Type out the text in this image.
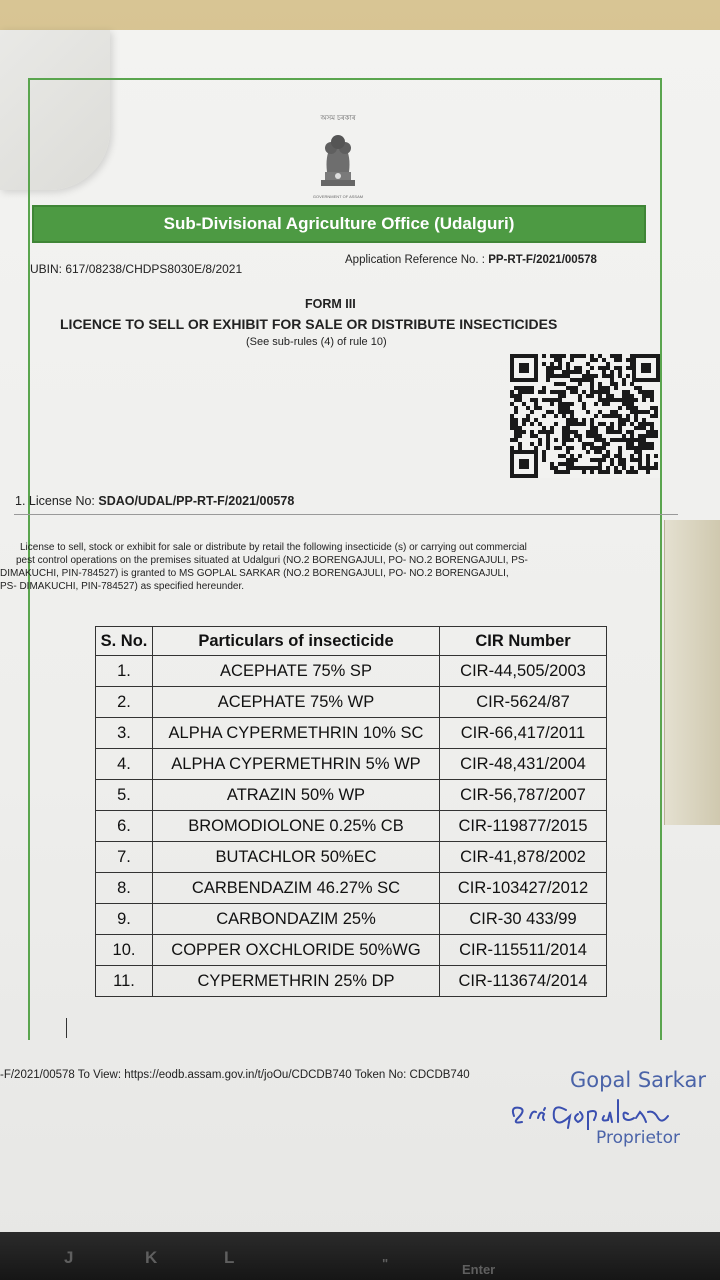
অসম চৰকাৰ
GOVERNMENT OF ASSAM
Sub-Divisional Agriculture Office (Udalguri)
UBIN: 617/08238/CHDPS8030E/8/2021
Application Reference No. : PP-RT-F/2021/00578
FORM III
LICENCE TO SELL OR EXHIBIT FOR SALE OR DISTRIBUTE INSECTICIDES
(See sub-rules (4) of rule 10)
1. License No: SDAO/UDAL/PP-RT-F/2021/00578

License to sell, stock or exhibit for sale or distribute by retail the following insecticide (s) or carrying out commercial

pest control operations on the premises situated at Udalguri (NO.2 BORENGAJULI, PO- NO.2 BORENGAJULI, PS-

DIMAKUCHI, PIN-784527) is granted to MS GOPLAL SARKAR (NO.2 BORENGAJULI, PO- NO.2 BORENGAJULI,

PS- DIMAKUCHI, PIN-784527) as specified hereunder.

S. No.	Particulars of insecticide	CIR Number
1.	ACEPHATE 75% SP	CIR-44,505/2003
2.	ACEPHATE 75% WP	CIR-5624/87
3.	ALPHA CYPERMETHRIN 10% SC	CIR-66,417/2011
4.	ALPHA CYPERMETHRIN 5% WP	CIR-48,431/2004
5.	ATRAZIN 50% WP	CIR-56,787/2007
6.	BROMODIOLONE 0.25% CB	CIR-119877/2015
7.	BUTACHLOR 50%EC	CIR-41,878/2002
8.	CARBENDAZIM 46.27% SC	CIR-103427/2012
9.	CARBONDAZIM 25%	CIR-30 433/99
10.	COPPER OXCHLORIDE 50%WG	CIR-115511/2014
11.	CYPERMETHRIN 25% DP	CIR-113674/2014
-F/2021/00578 To View: https://eodb.assam.gov.in/t/joOu/CDCDB740 Token No: CDCDB740	Gopal Sarkar
Proprietor
J	K	L	"	Enter
